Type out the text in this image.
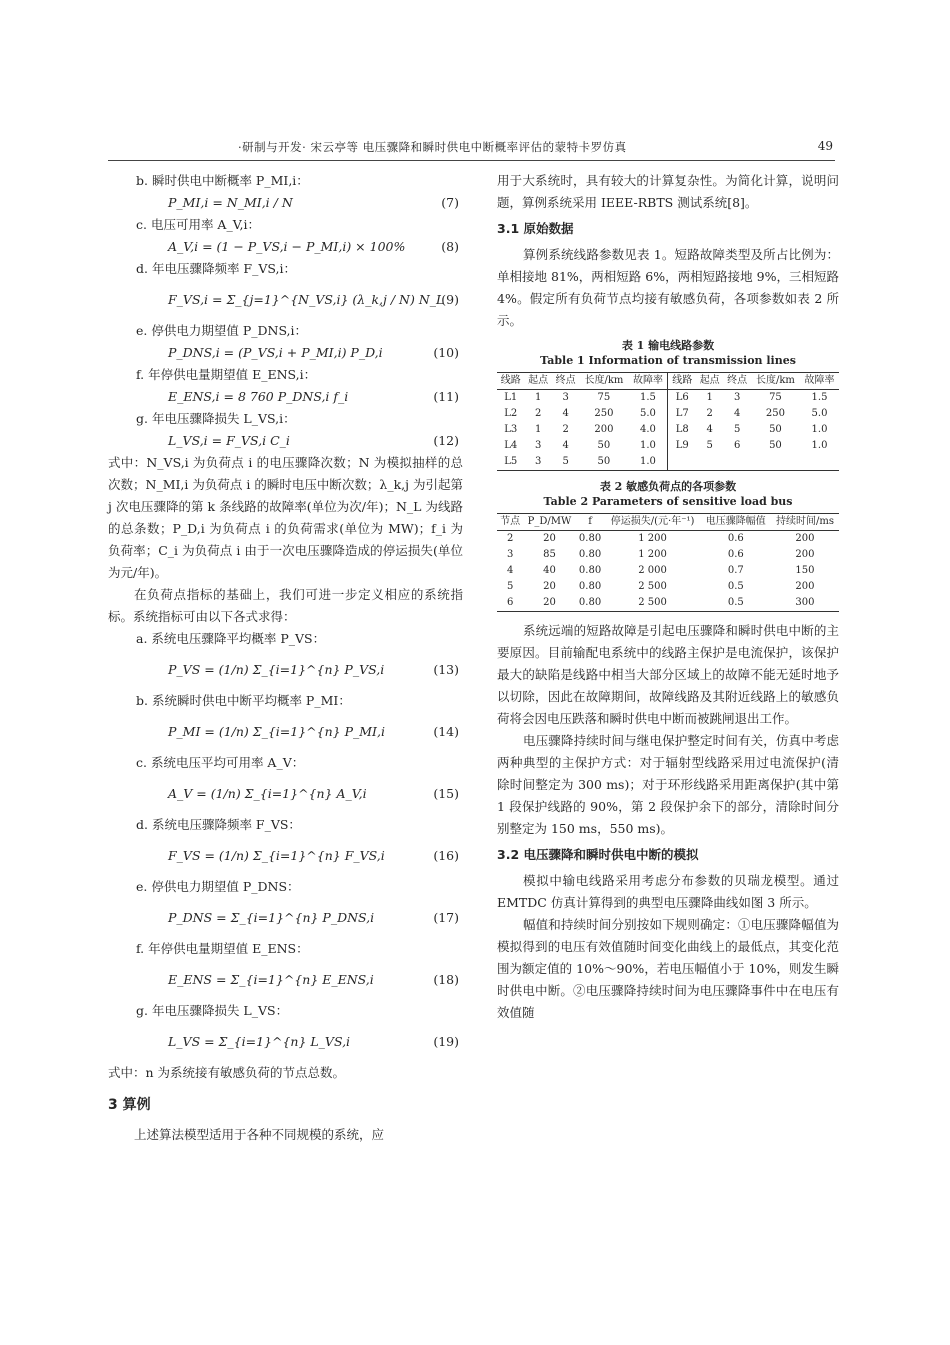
·研制与开发· 宋云亭等 电压骤降和瞬时供电中断概率评估的蒙特卡罗仿真	49
b. 瞬时供电中断概率 P_MI,i：
P_MI,i = N_MI,i / N	(7)
c. 电压可用率 A_V,i：
A_V,i = (1 − P_VS,i − P_MI,i) × 100%	(8)
d. 年电压骤降频率 F_VS,i：
F_VS,i = Σ_{j=1}^{N_VS,i} (λ_k,j / N) N_L
(9)
e. 停供电力期望值 P_DNS,i：
P_DNS,i = (P_VS,i + P_MI,i) P_D,i	(10)
f. 年停供电量期望值 E_ENS,i：
E_ENS,i = 8 760 P_DNS,i f_i	(11)
g. 年电压骤降损失 L_VS,i：
L_VS,i = F_VS,i C_i	(12)
式中：N_VS,i 为负荷点 i 的电压骤降次数；N 为模拟抽样的总次数；N_MI,i 为负荷点 i 的瞬时电压中断次数；λ_k,j 为引起第 j 次电压骤降的第 k 条线路的故障率(单位为次/年)；N_L 为线路的总条数；P_D,i 为负荷点 i 的负荷需求(单位为 MW)；f_i 为负荷率；C_i 为负荷点 i 由于一次电压骤降造成的停运损失(单位为元/年)。
在负荷点指标的基础上，我们可进一步定义相应的系统指标。系统指标可由以下各式求得：
a. 系统电压骤降平均概率 P_VS：
P_VS = (1/n) Σ_{i=1}^{n} P_VS,i	(13)
b. 系统瞬时供电中断平均概率 P_MI：
P_MI = (1/n) Σ_{i=1}^{n} P_MI,i	(14)
c. 系统电压平均可用率 A_V：
A_V = (1/n) Σ_{i=1}^{n} A_V,i	(15)
d. 系统电压骤降频率 F_VS：
F_VS = (1/n) Σ_{i=1}^{n} F_VS,i	(16)
e. 停供电力期望值 P_DNS：
P_DNS = Σ_{i=1}^{n} P_DNS,i	(17)
f. 年停供电量期望值 E_ENS：
E_ENS = Σ_{i=1}^{n} E_ENS,i	(18)
g. 年电压骤降损失 L_VS：
L_VS = Σ_{i=1}^{n} L_VS,i	(19)
式中：n 为系统接有敏感负荷的节点总数。
3 算例
上述算法模型适用于各种不同规模的系统，应
用于大系统时，具有较大的计算复杂性。为简化计算，说明问题，算例系统采用 IEEE-RBTS 测试系统[8]。
3.1 原始数据
算例系统线路参数见表 1。短路故障类型及所占比例为：单相接地 81%，两相短路 6%，两相短路接地 9%，三相短路 4%。假定所有负荷节点均接有敏感负荷，各项参数如表 2 所示。
表 1 输电线路参数
Table 1 Information of transmission lines
线路	起点	终点	长度/km	故障率	线路	起点	终点	长度/km	故障率
L1	1	3	75	1.5	L6	1	3	75	1.5
L2	2	4	250	5.0	L7	2	4	250	5.0
L3	1	2	200	4.0	L8	4	5	50	1.0
L4	3	4	50	1.0	L9	5	6	50	1.0
L5	3	5	50	1.0					
表 2 敏感负荷点的各项参数
Table 2 Parameters of sensitive load bus
节点	P_D/MW	f	停运损失/(元·年⁻¹)	电压骤降幅值	持续时间/ms
2	20	0.80	1 200	0.6	200
3	85	0.80	1 200	0.6	200
4	40	0.80	2 000	0.7	150
5	20	0.80	2 500	0.5	200
6	20	0.80	2 500	0.5	300
系统远端的短路故障是引起电压骤降和瞬时供电中断的主要原因。目前输配电系统中的线路主保护是电流保护，该保护最大的缺陷是线路中相当大部分区域上的故障不能无延时地予以切除，因此在故障期间，故障线路及其附近线路上的敏感负荷将会因电压跌落和瞬时供电中断而被跳闸退出工作。
电压骤降持续时间与继电保护整定时间有关，仿真中考虑两种典型的主保护方式：对于辐射型线路采用过电流保护(清除时间整定为 300 ms)；对于环形线路采用距离保护(其中第 1 段保护线路的 90%，第 2 段保护余下的部分，清除时间分别整定为 150 ms，550 ms)。
3.2 电压骤降和瞬时供电中断的模拟
模拟中输电线路采用考虑分布参数的贝瑞龙模型。通过 EMTDC 仿真计算得到的典型电压骤降曲线如图 3 所示。
幅值和持续时间分别按如下规则确定：①电压骤降幅值为模拟得到的电压有效值随时间变化曲线上的最低点，其变化范围为额定值的 10%～90%，若电压幅值小于 10%，则发生瞬时供电中断。②电压骤降持续时间为电压骤降事件中在电压有效值随
